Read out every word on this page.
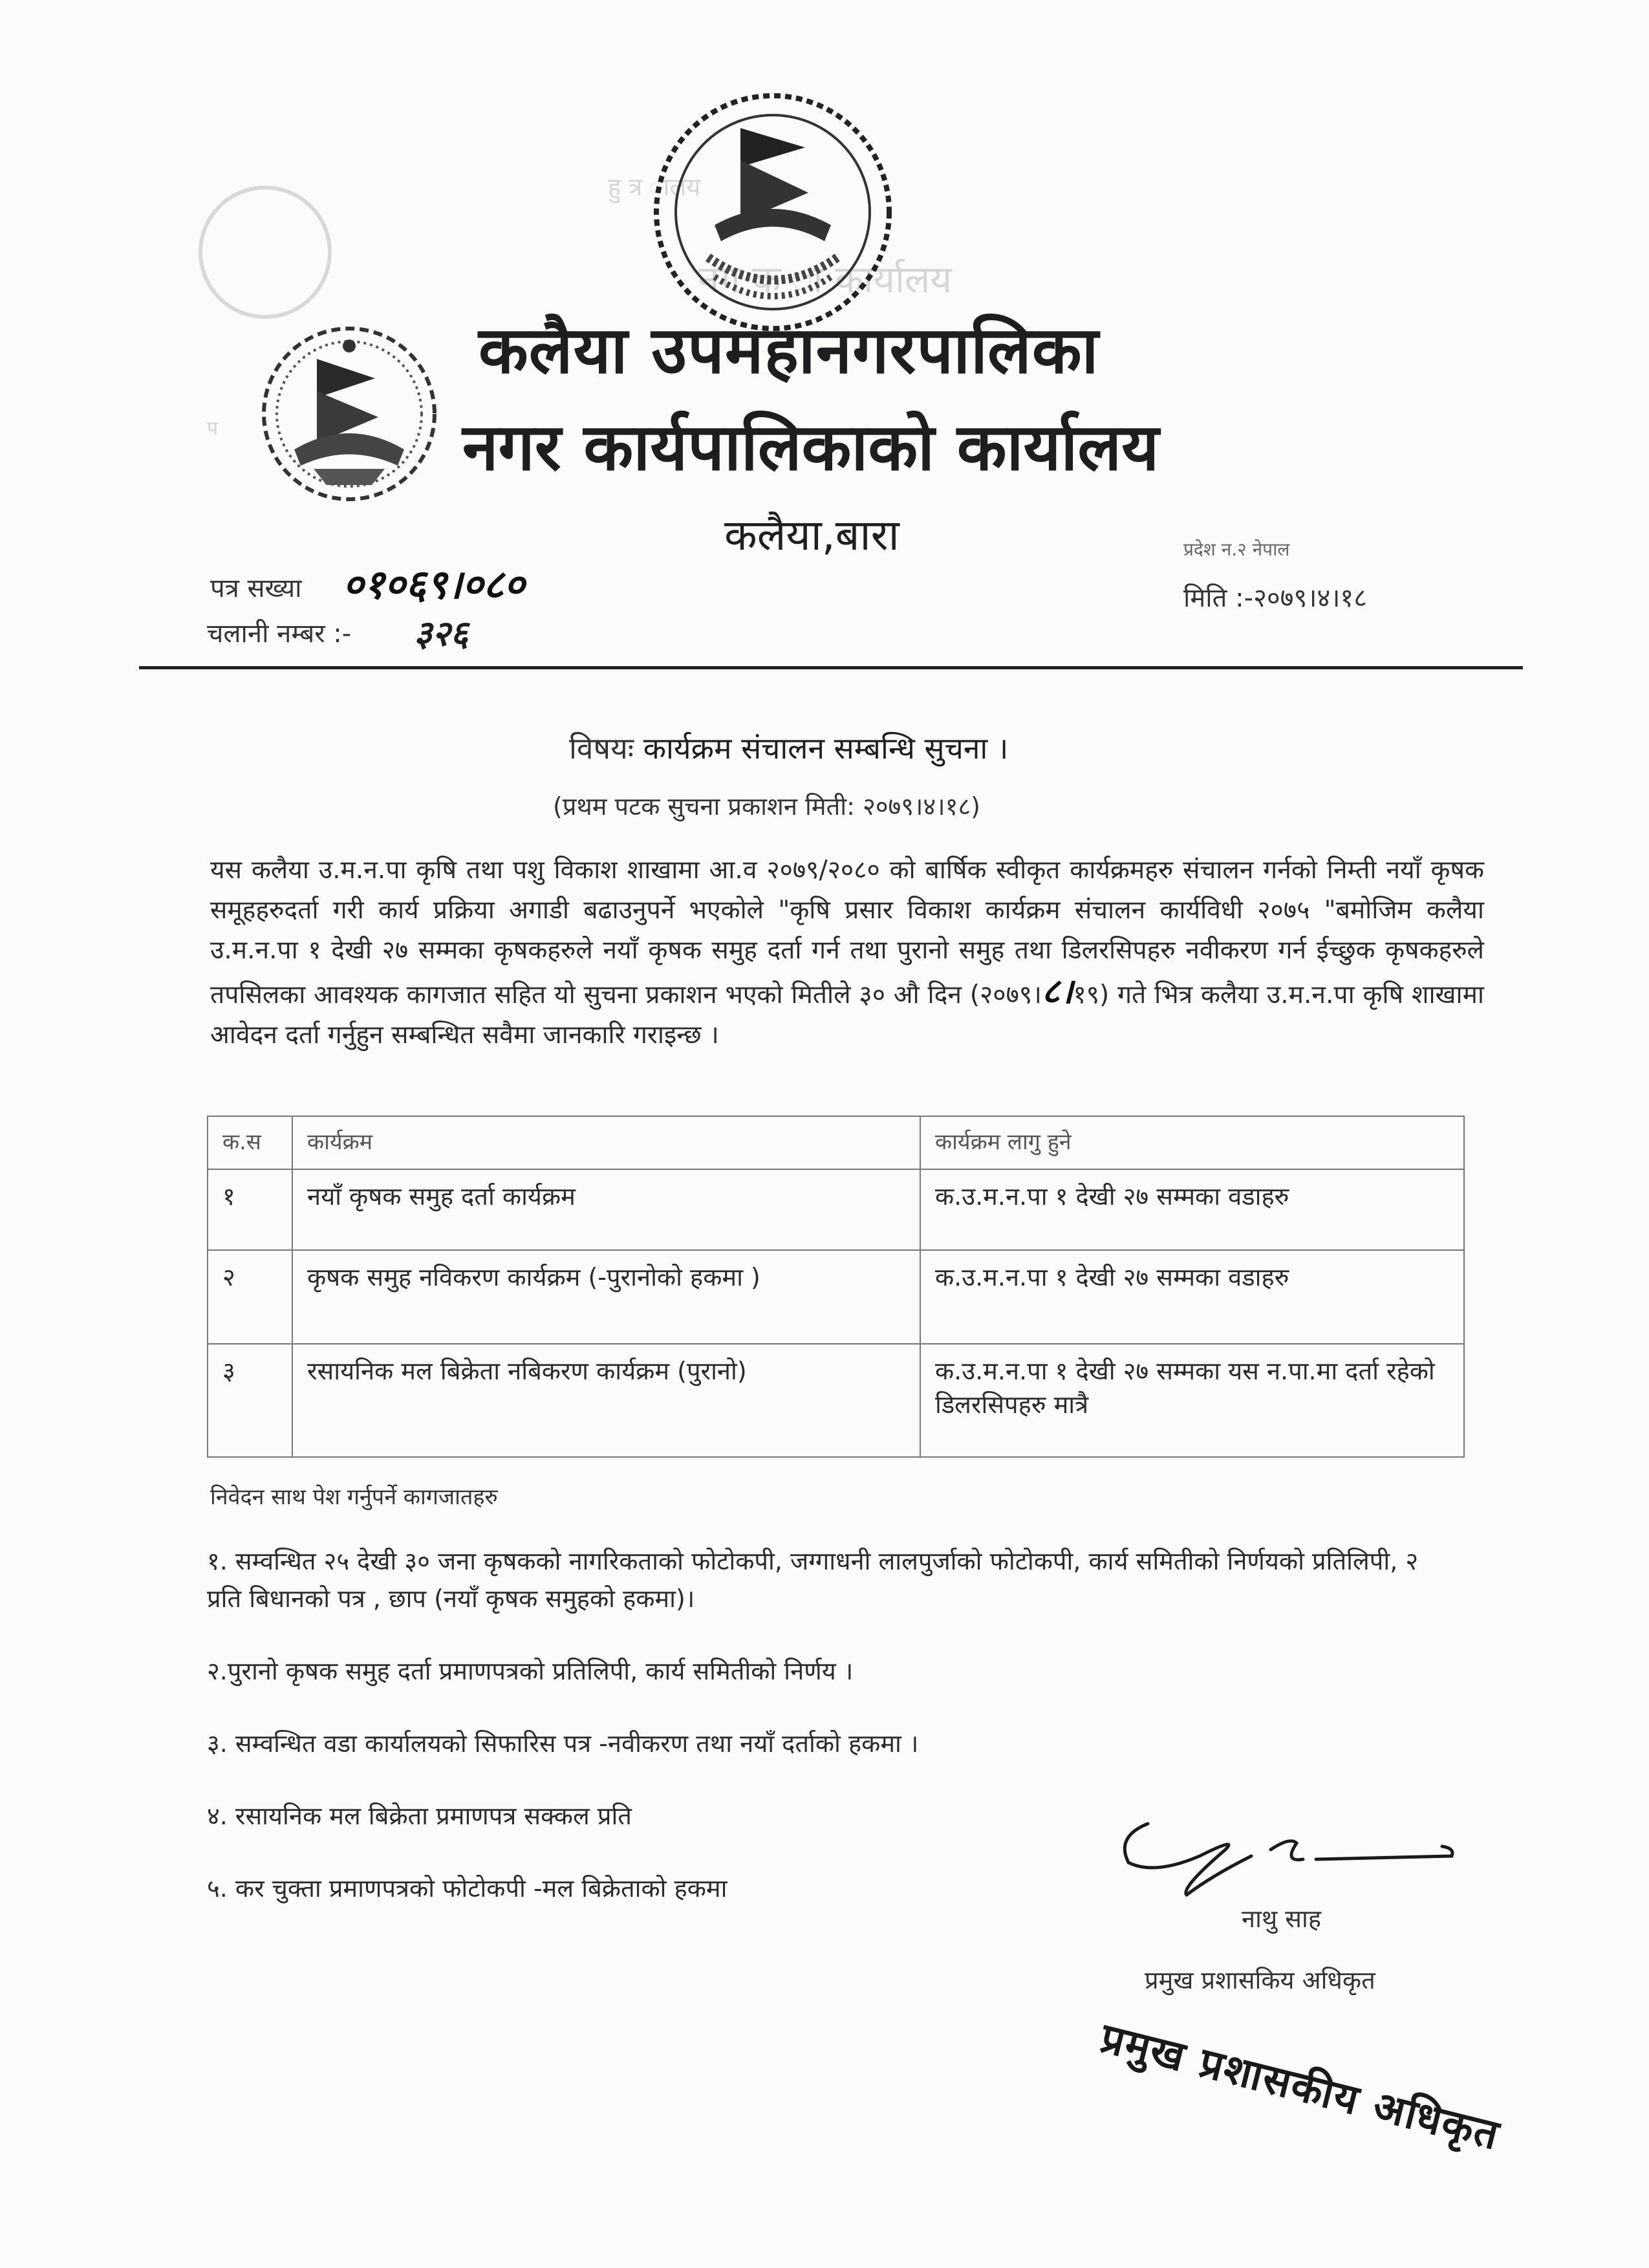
हु त्र ालय
नग क ा कार्यालय
प
कलैया उपमहानगरपालिका
नगर कार्यपालिकाको कार्यालय
कलैया,बारा	प्रदेश न.२ नेपाल
पत्र सख्या ०१०६९।०८०
चलानी नम्बर :- ३२६
मिति :-२०७९।४।१८
विषयः कार्यक्रम संचालन सम्बन्धि सुचना ।
(प्रथम पटक सुचना प्रकाशन मिती: २०७९।४।१८)
यस कलैया उ.म.न.पा कृषि तथा पशु विकाश शाखामा आ.व २०७९/२०८० को बार्षिक स्वीकृत कार्यक्रमहरु संचालन गर्नको निम्ती नयाँ कृषक समूहहरुदर्ता गरी कार्य प्रक्रिया अगाडी बढाउनुपर्ने भएकोले "कृषि प्रसार विकाश कार्यक्रम संचालन कार्यविधी २०७५ "बमोजिम कलैया उ.म.न.पा १ देखी २७ सम्मका कृषकहरुले नयाँ कृषक समुह दर्ता गर्न तथा पुरानो समुह तथा डिलरसिपहरु नवीकरण गर्न ईच्छुक कृषकहरुले तपसिलका आवश्यक कागजात सहित यो सुचना प्रकाशन भएको मितीले ३० औ दिन (२०७९।८।१९) गते भित्र कलैया उ.म.न.पा कृषि शाखामा आवेदन दर्ता गर्नुहुन सम्बन्धित सवैमा जानकारि गराइन्छ ।
क.स	कार्यक्रम	कार्यक्रम लागु हुने
१	नयाँ कृषक समुह दर्ता कार्यक्रम	क.उ.म.न.पा १ देखी २७ सम्मका वडाहरु
२	कृषक समुह नविकरण कार्यक्रम (-पुरानोको हकमा )	क.उ.म.न.पा १ देखी २७ सम्मका वडाहरु
३	रसायनिक मल बिक्रेता नबिकरण कार्यक्रम (पुरानो)	क.उ.म.न.पा १ देखी २७ सम्मका यस न.पा.मा दर्ता रहेको डिलरसिपहरु मात्रै
निवेदन साथ पेश गर्नुपर्ने कागजातहरु
१. सम्वन्धित २५ देखी ३० जना कृषकको नागरिकताको फोटोकपी, जग्गाधनी लालपुर्जाको फोटोकपी, कार्य समितीको निर्णयको प्रतिलिपी, २ प्रति बिधानको पत्र , छाप (नयाँ कृषक समुहको हकमा)।
२.पुरानो कृषक समुह दर्ता प्रमाणपत्रको प्रतिलिपी, कार्य समितीको निर्णय ।
३. सम्वन्धित वडा कार्यालयको सिफारिस पत्र -नवीकरण तथा नयाँ दर्ताको हकमा ।
४. रसायनिक मल बिक्रेता प्रमाणपत्र सक्कल प्रति
५. कर चुक्ता प्रमाणपत्रको फोटोकपी -मल बिक्रेताको हकमा
नाथु साह
प्रमुख प्रशासकिय अधिकृत
प्रमुख प्रशासकीय अधिकृत
